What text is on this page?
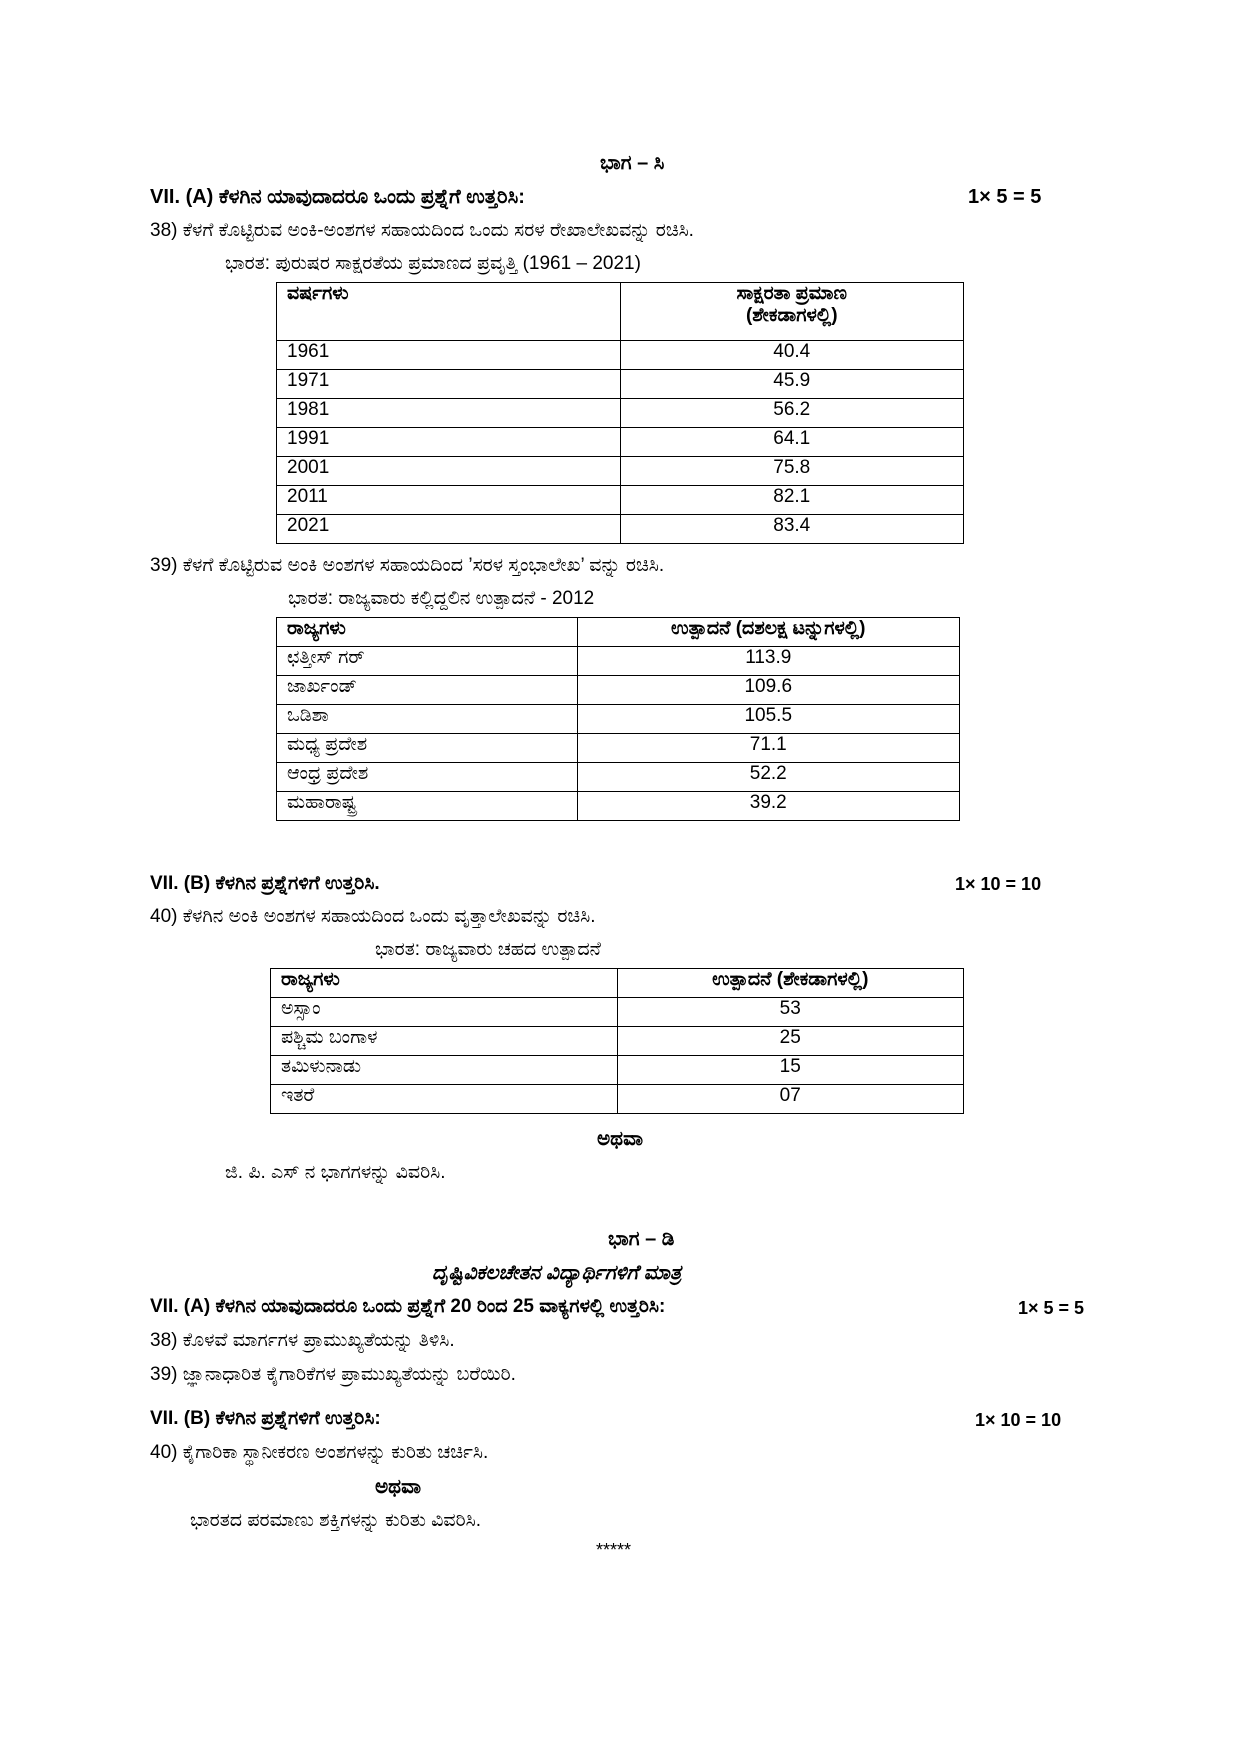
ಭಾಗ – ಸಿ
VII. (A) ಕೆಳಗಿನ ಯಾವುದಾದರೂ ಒಂದು ಪ್ರಶ್ನೆಗೆ ಉತ್ತರಿಸಿ:	1× 5 = 5
38) ಕೆಳಗೆ ಕೊಟ್ಟಿರುವ ಅಂಕಿ-ಅಂಶಗಳ ಸಹಾಯದಿಂದ ಒಂದು ಸರಳ ರೇಖಾಲೇಖವನ್ನು ರಚಿಸಿ.
ಭಾರತ: ಪುರುಷರ ಸಾಕ್ಷರತೆಯ ಪ್ರಮಾಣದ ಪ್ರವೃತ್ತಿ (1961 – 2021)
ವರ್ಷಗಳು	ಸಾಕ್ಷರತಾ ಪ್ರಮಾಣ
(ಶೇಕಡಾಗಳಲ್ಲಿ)

1961	40.4
1971	45.9
1981	56.2
1991	64.1
2001	75.8
2011	82.1
2021	83.4
39) ಕೆಳಗೆ ಕೊಟ್ಟಿರುವ ಅಂಕಿ ಅಂಶಗಳ ಸಹಾಯದಿಂದ ’ಸರಳ ಸ್ತಂಭಾಲೇಖ’ ವನ್ನು ರಚಿಸಿ.
ಭಾರತ: ರಾಜ್ಯವಾರು ಕಲ್ಲಿದ್ದಲಿನ ಉತ್ಪಾದನೆ - 2012
ರಾಜ್ಯಗಳು	ಉತ್ಪಾದನೆ (ದಶಲಕ್ಷ ಟನ್ನುಗಳಲ್ಲಿ)
ಛತ್ತೀಸ್ ಗರ್	113.9
ಜಾರ್ಖಂಡ್	109.6
ಒಡಿಶಾ	105.5
ಮಧ್ಯ ಪ್ರದೇಶ	71.1
ಆಂಧ್ರ ಪ್ರದೇಶ	52.2
ಮಹಾರಾಷ್ಟ್ರ	39.2
VII. (B) ಕೆಳಗಿನ ಪ್ರಶ್ನೆಗಳಿಗೆ ಉತ್ತರಿಸಿ.	1× 10 = 10
40) ಕೆಳಗಿನ ಅಂಕಿ ಅಂಶಗಳ ಸಹಾಯದಿಂದ ಒಂದು ವೃತ್ತಾಲೇಖವನ್ನು ರಚಿಸಿ.
ಭಾರತ: ರಾಜ್ಯವಾರು ಚಹದ ಉತ್ಪಾದನೆ
ರಾಜ್ಯಗಳು	ಉತ್ಪಾದನೆ (ಶೇಕಡಾಗಳಲ್ಲಿ)
ಅಸ್ಸಾಂ	53
ಪಶ್ಚಿಮ ಬಂಗಾಳ	25
ತಮಿಳುನಾಡು	15
ಇತರೆ	07
ಅಥವಾ
ಜಿ. ಪಿ. ಎಸ್ ನ ಭಾಗಗಳನ್ನು ವಿವರಿಸಿ.
ಭಾಗ – ಡಿ
ದೃಷ್ಟಿವಿಕಲಚೇತನ ವಿದ್ಯಾರ್ಥಿಗಳಿಗೆ ಮಾತ್ರ
VII. (A) ಕೆಳಗಿನ ಯಾವುದಾದರೂ ಒಂದು ಪ್ರಶ್ನೆಗೆ 20 ರಿಂದ 25 ವಾಕ್ಯಗಳಲ್ಲಿ ಉತ್ತರಿಸಿ:	1× 5 = 5
38) ಕೊಳವೆ ಮಾರ್ಗಗಳ ಪ್ರಾಮುಖ್ಯತೆಯನ್ನು ತಿಳಿಸಿ.
39) ಜ್ಞಾನಾಧಾರಿತ ಕೈಗಾರಿಕೆಗಳ ಪ್ರಾಮುಖ್ಯತೆಯನ್ನು ಬರೆಯಿರಿ.
VII. (B) ಕೆಳಗಿನ ಪ್ರಶ್ನೆಗಳಿಗೆ ಉತ್ತರಿಸಿ:	1× 10 = 10
40) ಕೈಗಾರಿಕಾ ಸ್ಥಾನೀಕರಣ ಅಂಶಗಳನ್ನು ಕುರಿತು ಚರ್ಚಿಸಿ.
ಅಥವಾ
ಭಾರತದ ಪರಮಾಣು ಶಕ್ತಿಗಳನ್ನು ಕುರಿತು ವಿವರಿಸಿ.
*****
